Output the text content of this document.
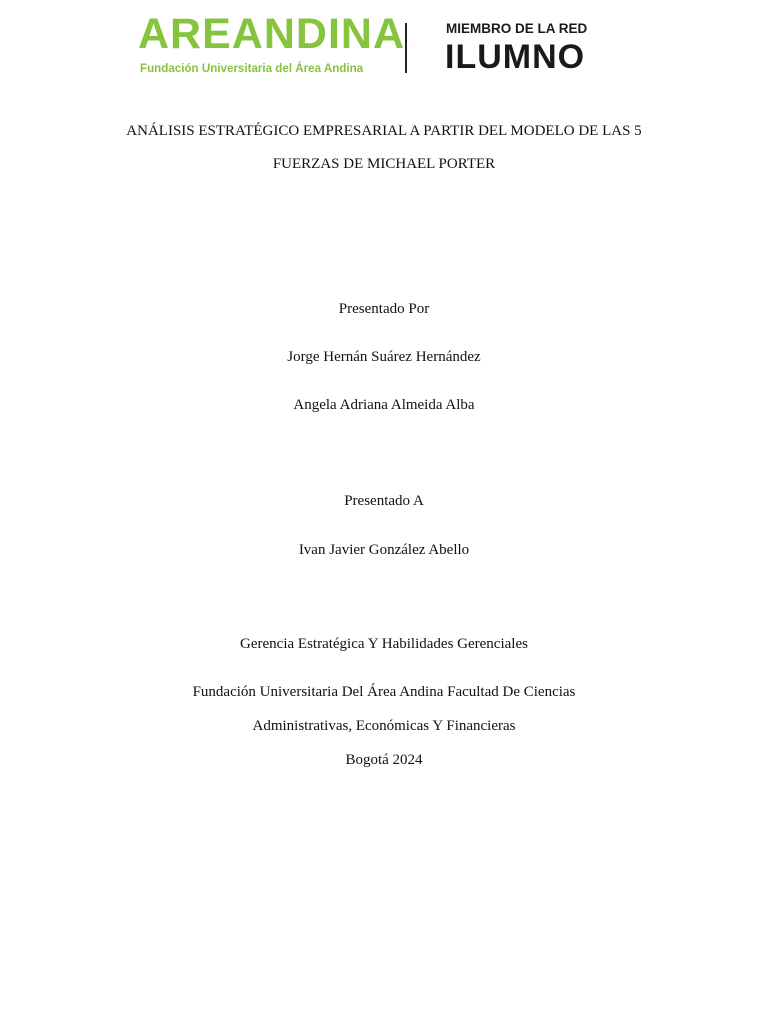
AREANDINA
Fundación Universitaria del Área Andina
MIEMBRO DE LA RED
ILUMNO
ANÁLISIS ESTRATÉGICO EMPRESARIAL A PARTIR DEL MODELO DE LAS 5
FUERZAS DE MICHAEL PORTER
Presentado Por
Jorge Hernán Suárez Hernández
Angela Adriana Almeida Alba
Presentado A
Ivan Javier González Abello
Gerencia Estratégica Y Habilidades Gerenciales
Fundación Universitaria Del Área Andina Facultad De Ciencias
Administrativas, Económicas Y Financieras
Bogotá 2024
